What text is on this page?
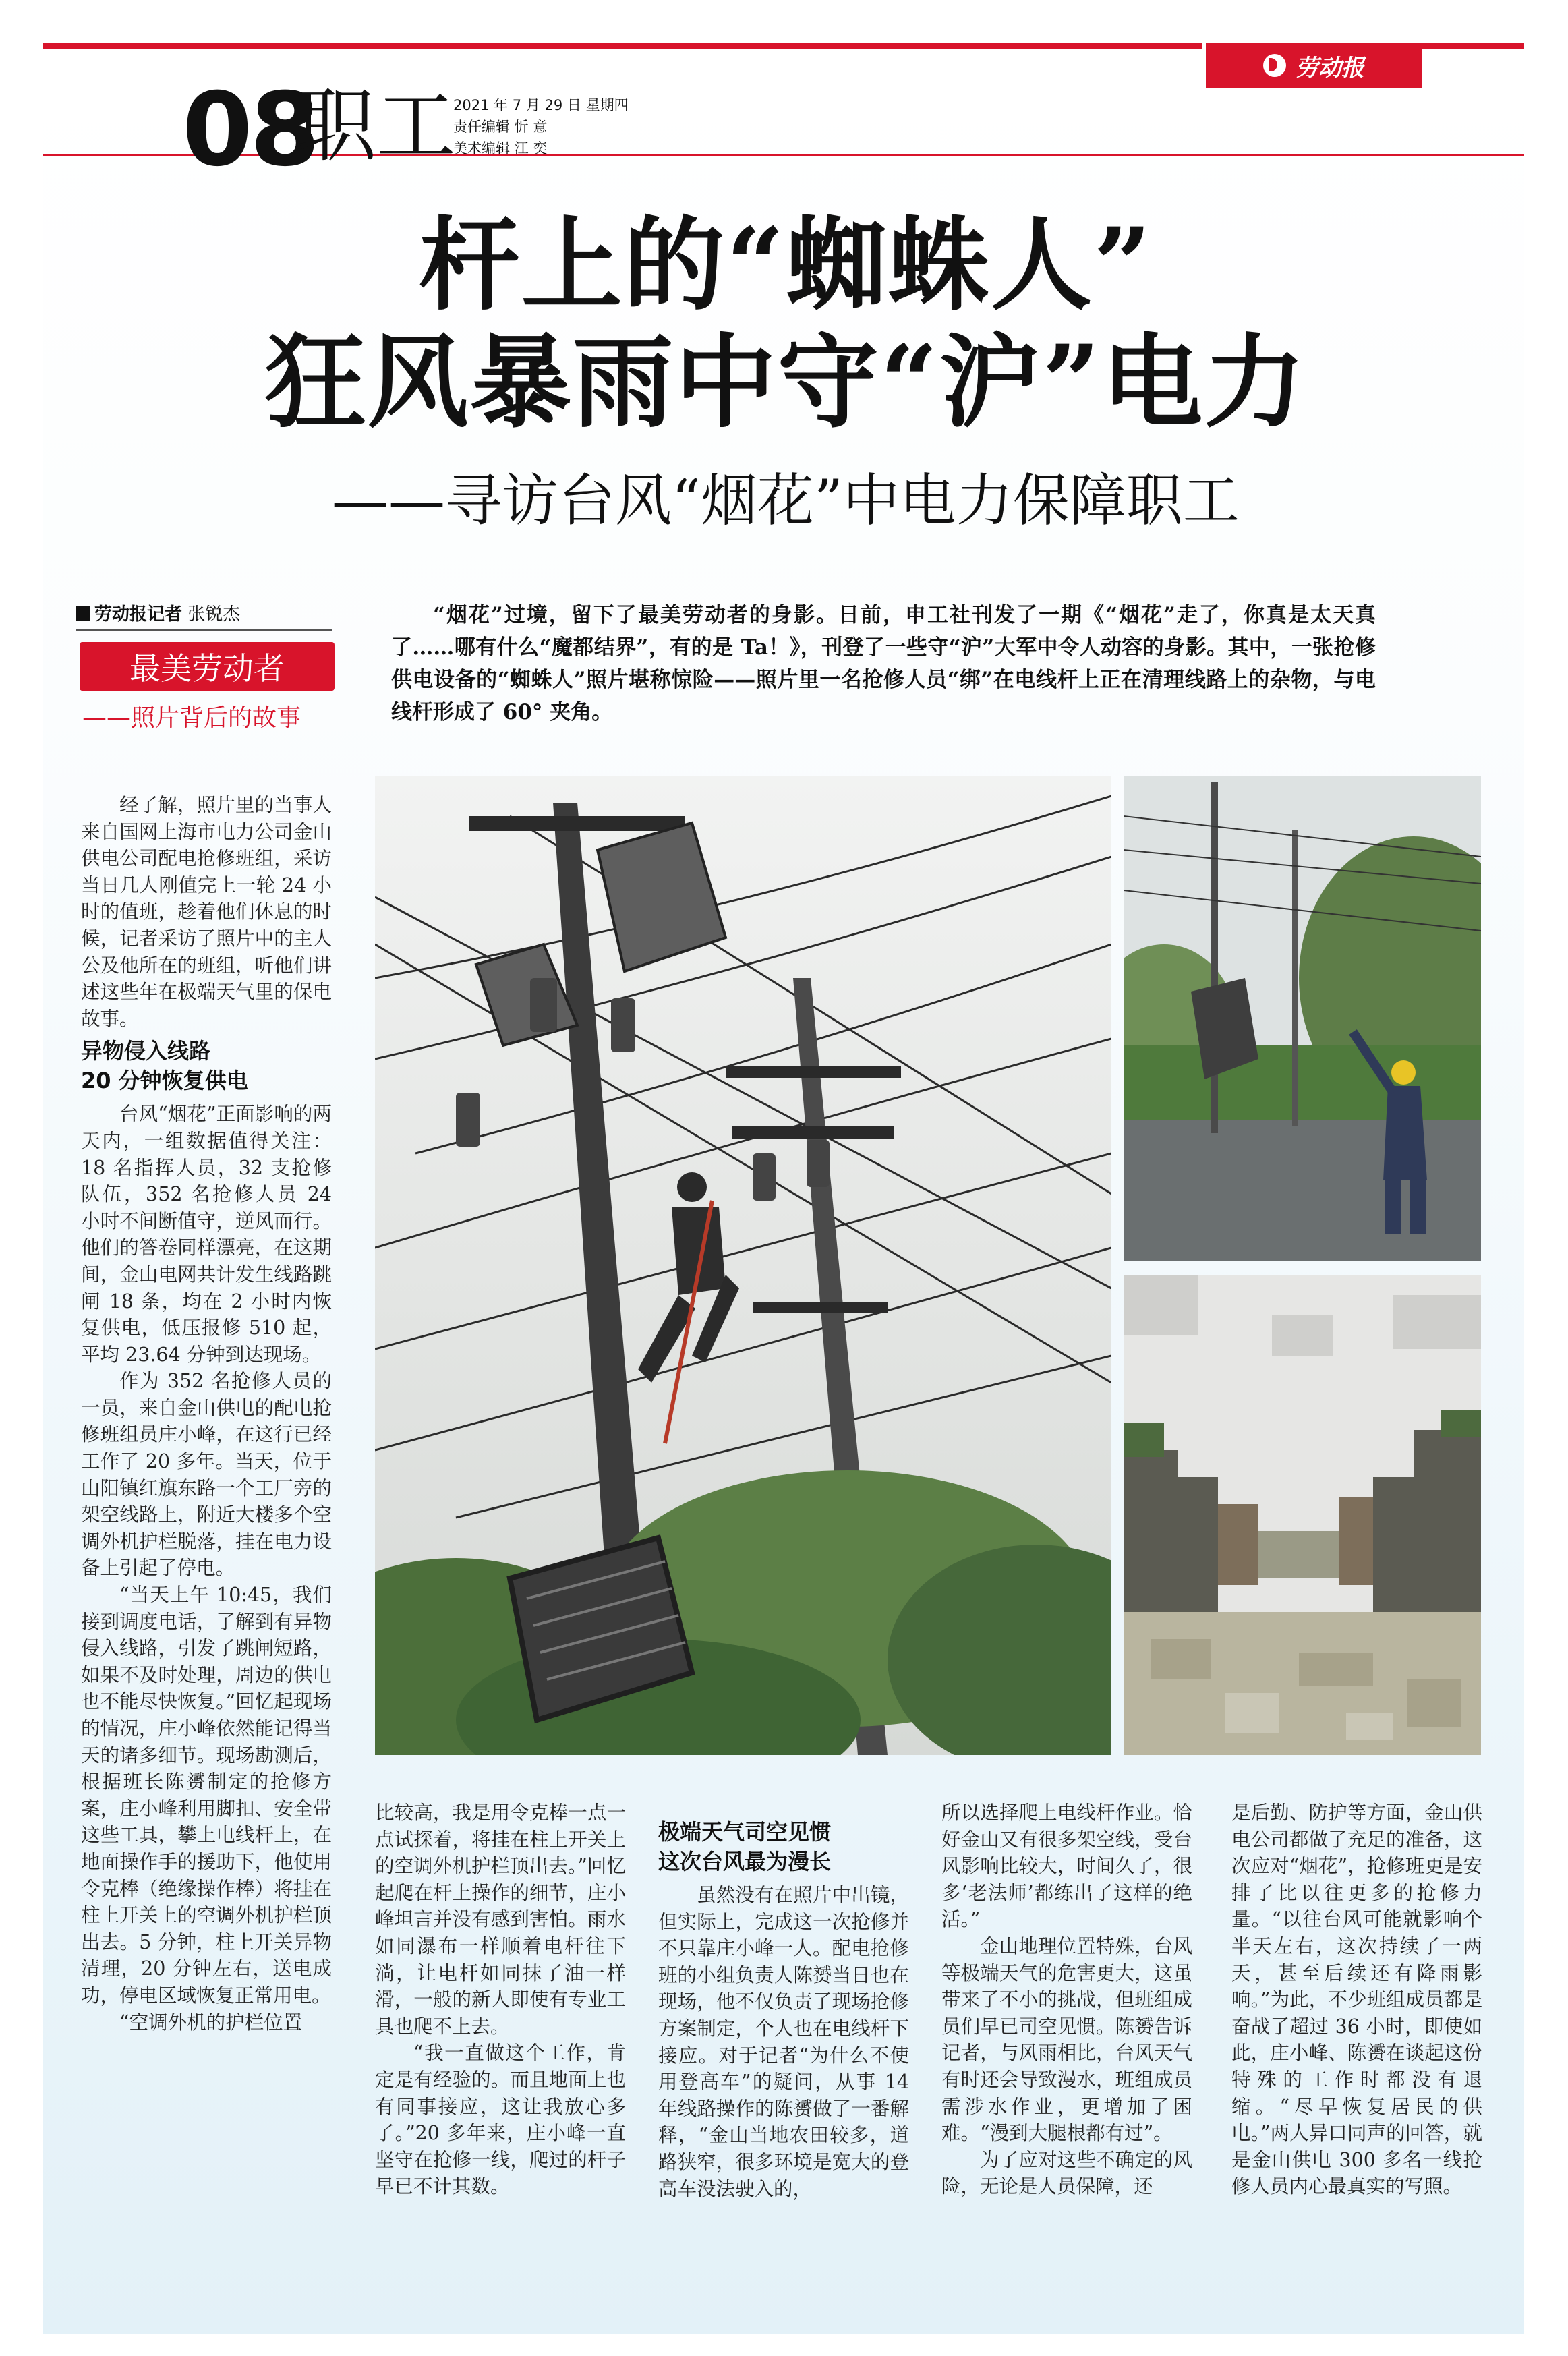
劳动报
08
职工
2021 年 7 月 29 日 星期四
责任编辑 忻 意
美术编辑 江 奕
杆上的“蜘蛛人”
狂风暴雨中守“沪”电力
——寻访台风“烟花”中电力保障职工
劳动报记者 张锐杰
最美劳动者
——照片背后的故事

“烟花”过境，留下了最美劳动者的身影。日前，申工社刊发了一期《“烟花”走了，你真是太天真了……哪有什么“魔都结界”，有的是 Ta！》，刊登了一些守“沪”大军中令人动容的身影。其中，一张抢修供电设备的“蜘蛛人”照片堪称惊险——照片里一名抢修人员“绑”在电线杆上正在清理线路上的杂物，与电线杆形成了 60° 夹角。

经了解，照片里的当事人来自国网上海市电力公司金山供电公司配电抢修班组，采访当日几人刚值完上一轮 24 小时的值班，趁着他们休息的时候，记者采访了照片中的主人公及他所在的班组，听他们讲述这些年在极端天气里的保电故事。

异物侵入线路
20 分钟恢复供电

台风“烟花”正面影响的两天内，一组数据值得关注：18 名指挥人员，32 支抢修队伍，352 名抢修人员 24 小时不间断值守，逆风而行。他们的答卷同样漂亮，在这期间，金山电网共计发生线路跳闸 18 条，均在 2 小时内恢复供电，低压报修 510 起，平均 23.64 分钟到达现场。

作为 352 名抢修人员的一员，来自金山供电的配电抢修班组员庄小峰，在这行已经工作了 20 多年。当天，位于山阳镇红旗东路一个工厂旁的架空线路上，附近大楼多个空调外机护栏脱落，挂在电力设备上引起了停电。

“当天上午 10:45，我们接到调度电话，了解到有异物侵入线路，引发了跳闸短路，如果不及时处理，周边的供电也不能尽快恢复。”回忆起现场的情况，庄小峰依然能记得当天的诸多细节。现场勘测后，根据班长陈赟制定的抢修方案，庄小峰利用脚扣、安全带这些工具，攀上电线杆上，在地面操作手的援助下，他使用令克棒（绝缘操作棒）将挂在柱上开关上的空调外机护栏顶出去。5 分钟，柱上开关异物清理，20 分钟左右，送电成功，停电区域恢复正常用电。

“空调外机的护栏位置

比较高，我是用令克棒一点一点试探着，将挂在柱上开关上的空调外机护栏顶出去。”回忆起爬在杆上操作的细节，庄小峰坦言并没有感到害怕。雨水如同瀑布一样顺着电杆往下淌，让电杆如同抹了油一样滑，一般的新人即使有专业工具也爬不上去。

“我一直做这个工作，肯定是有经验的。而且地面上也有同事接应，这让我放心多了。”20 多年来，庄小峰一直坚守在抢修一线，爬过的杆子早已不计其数。

极端天气司空见惯
这次台风最为漫长

虽然没有在照片中出镜，但实际上，完成这一次抢修并不只靠庄小峰一人。配电抢修班的小组负责人陈赟当日也在现场，他不仅负责了现场抢修方案制定，个人也在电线杆下接应。对于记者“为什么不使用登高车”的疑问，从事 14 年线路操作的陈赟做了一番解释，“金山当地农田较多，道路狭窄，很多环境是宽大的登高车没法驶入的，

所以选择爬上电线杆作业。恰好金山又有很多架空线，受台风影响比较大，时间久了，很多‘老法师’都练出了这样的绝活。”

金山地理位置特殊，台风等极端天气的危害更大，这虽带来了不小的挑战，但班组成员们早已司空见惯。陈赟告诉记者，与风雨相比，台风天气有时还会导致漫水，班组成员需涉水作业，更增加了困难。“漫到大腿根都有过”。

为了应对这些不确定的风险，无论是人员保障，还

是后勤、防护等方面，金山供电公司都做了充足的准备，这次应对“烟花”，抢修班更是安排了比以往更多的抢修力量。“以往台风可能就影响个半天左右，这次持续了一两天，甚至后续还有降雨影响。”为此，不少班组成员都是奋战了超过 36 小时，即使如此，庄小峰、陈赟在谈起这份特殊的工作时都没有退缩。“尽早恢复居民的供电。”两人异口同声的回答，就是金山供电 300 多名一线抢修人员内心最真实的写照。
